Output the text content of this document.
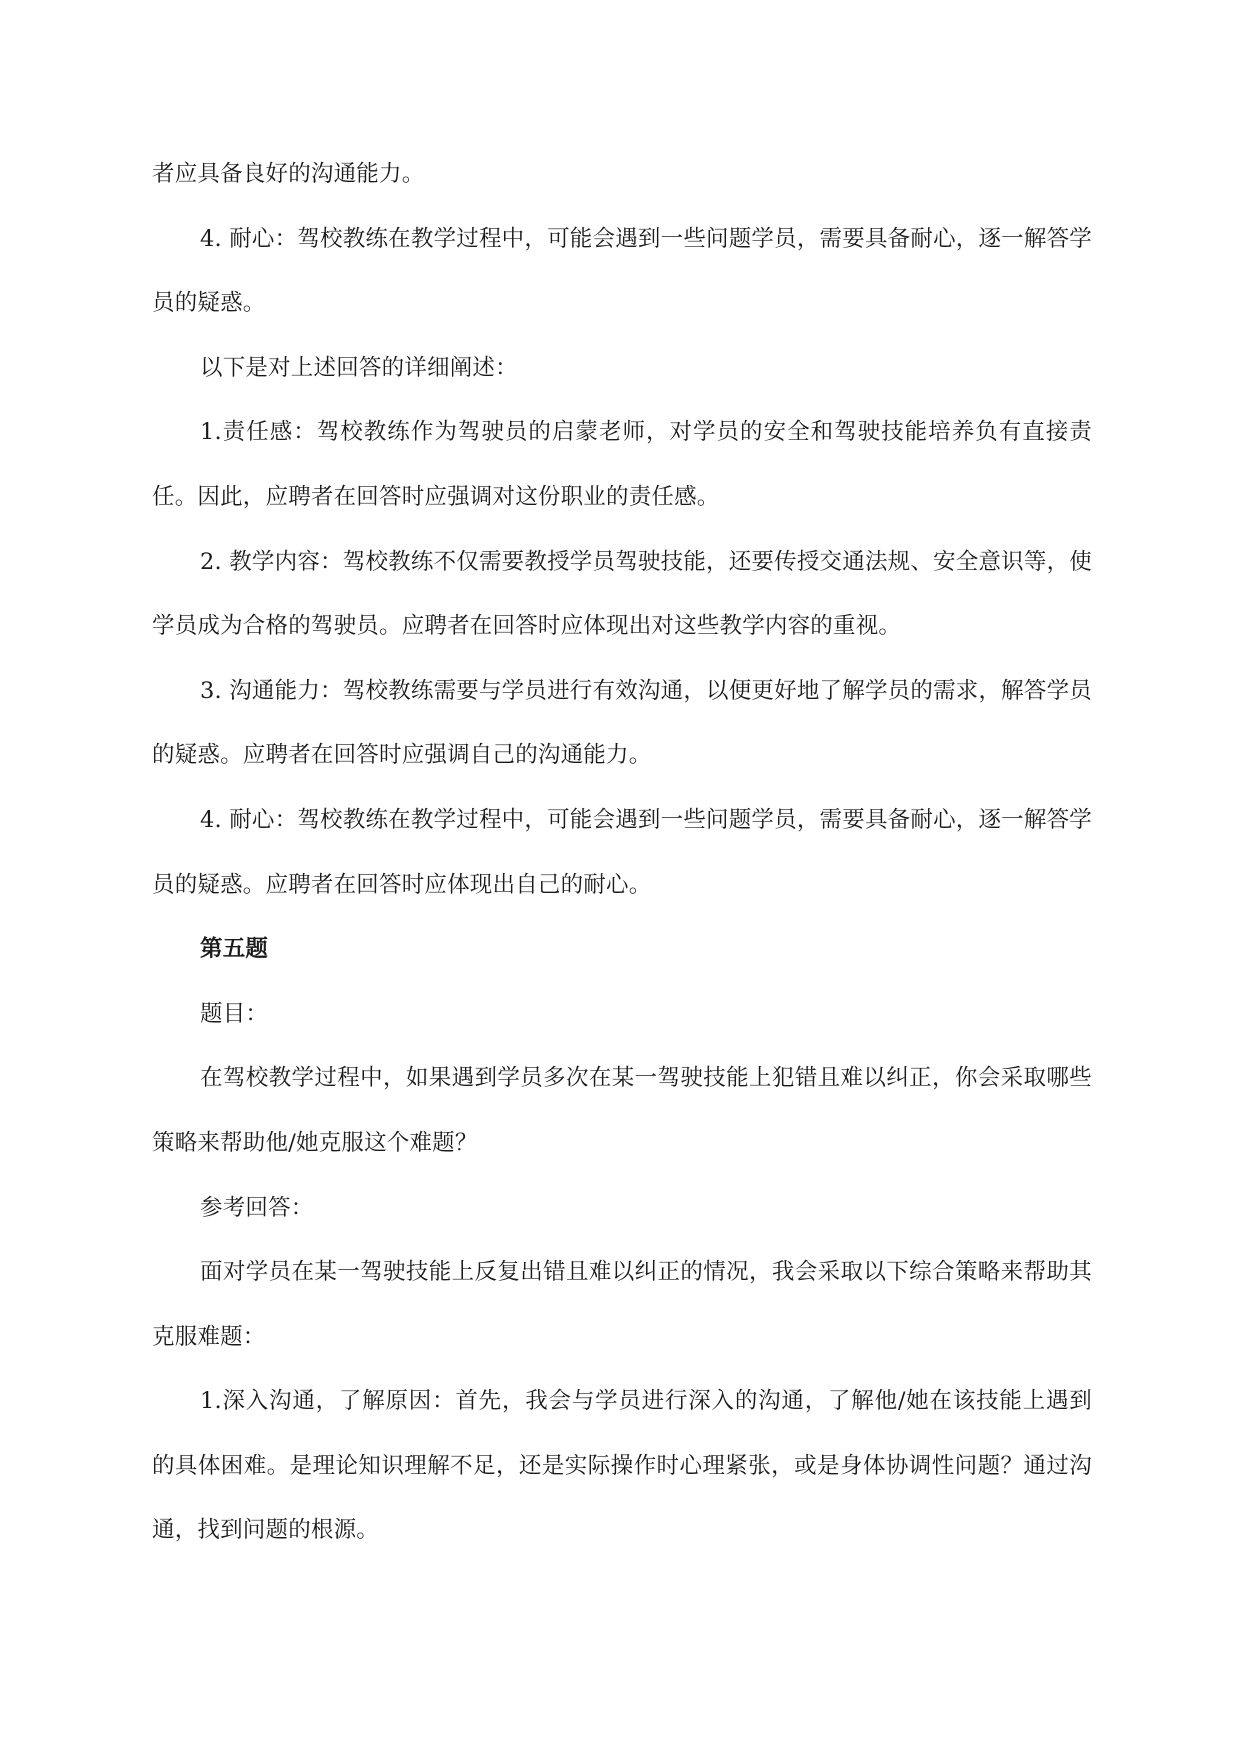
者应具备良好的沟通能力。

4. 耐心：驾校教练在教学过程中，可能会遇到一些问题学员，需要具备耐心，逐一解答学员的疑惑。

以下是对上述回答的详细阐述：

1.责任感：驾校教练作为驾驶员的启蒙老师，对学员的安全和驾驶技能培养负有直接责任。因此，应聘者在回答时应强调对这份职业的责任感。

2. 教学内容：驾校教练不仅需要教授学员驾驶技能，还要传授交通法规、安全意识等，使学员成为合格的驾驶员。应聘者在回答时应体现出对这些教学内容的重视。

3. 沟通能力：驾校教练需要与学员进行有效沟通，以便更好地了解学员的需求，解答学员的疑惑。应聘者在回答时应强调自己的沟通能力。

4. 耐心：驾校教练在教学过程中，可能会遇到一些问题学员，需要具备耐心，逐一解答学员的疑惑。应聘者在回答时应体现出自己的耐心。

第五题

题目：

在驾校教学过程中，如果遇到学员多次在某一驾驶技能上犯错且难以纠正，你会采取哪些策略来帮助他/她克服这个难题？

参考回答：

面对学员在某一驾驶技能上反复出错且难以纠正的情况，我会采取以下综合策略来帮助其克服难题：

1.深入沟通，了解原因：首先，我会与学员进行深入的沟通，了解他/她在该技能上遇到的具体困难。是理论知识理解不足，还是实际操作时心理紧张，或是身体协调性问题？通过沟通，找到问题的根源。
